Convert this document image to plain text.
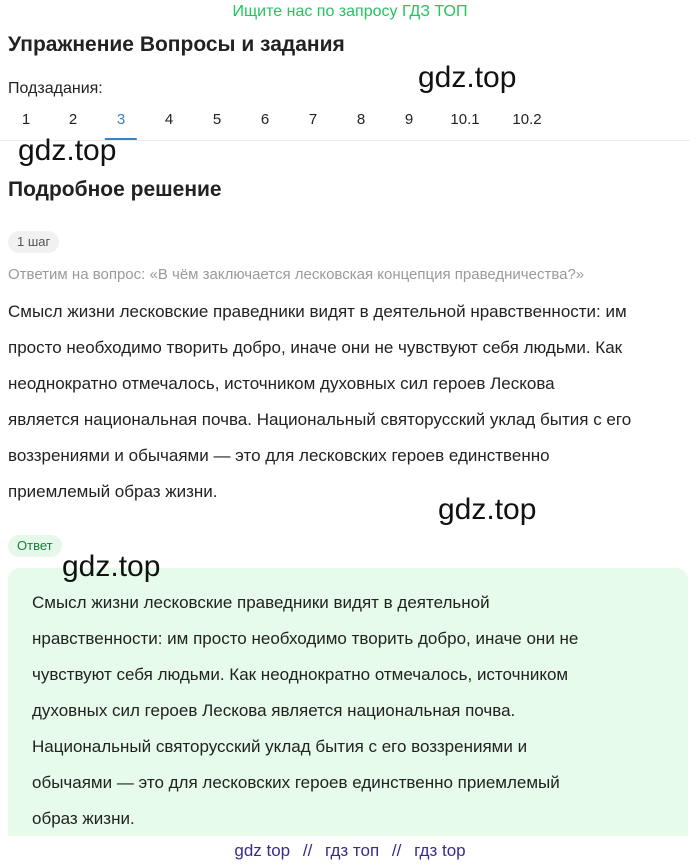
Ищите нас по запросу ГДЗ ТОП
Упражнение Вопросы и задания
Подзадания:
1	2	3	4	5	6	7	8	9	10.1	10.2
gdz.top
gdz.top
Подробное решение
1 шаг
Ответим на вопрос: «В чём заключается лесковская концепция праведничества?»
Смысл жизни лесковские праведники видят в деятельной нравственности: им
просто необходимо творить добро, иначе они не чувствуют себя людьми. Как
неоднократно отмечалось, источником духовных сил героев Лескова
является национальная почва. Национальный святорусский уклад бытия с его
воззрениями и обычаями — это для лесковских героев единственно
приемлемый образ жизни.
gdz.top
Ответ
Смысл жизни лесковские праведники видят в деятельной
нравственности: им просто необходимо творить добро, иначе они не
чувствуют себя людьми. Как неоднократно отмечалось, источником
духовных сил героев Лескова является национальная почва.
Национальный святорусский уклад бытия с его воззрениями и
обычаями — это для лесковских героев единственно приемлемый
образ жизни.
gdz.top
gdz top // гдз топ // гдз top
